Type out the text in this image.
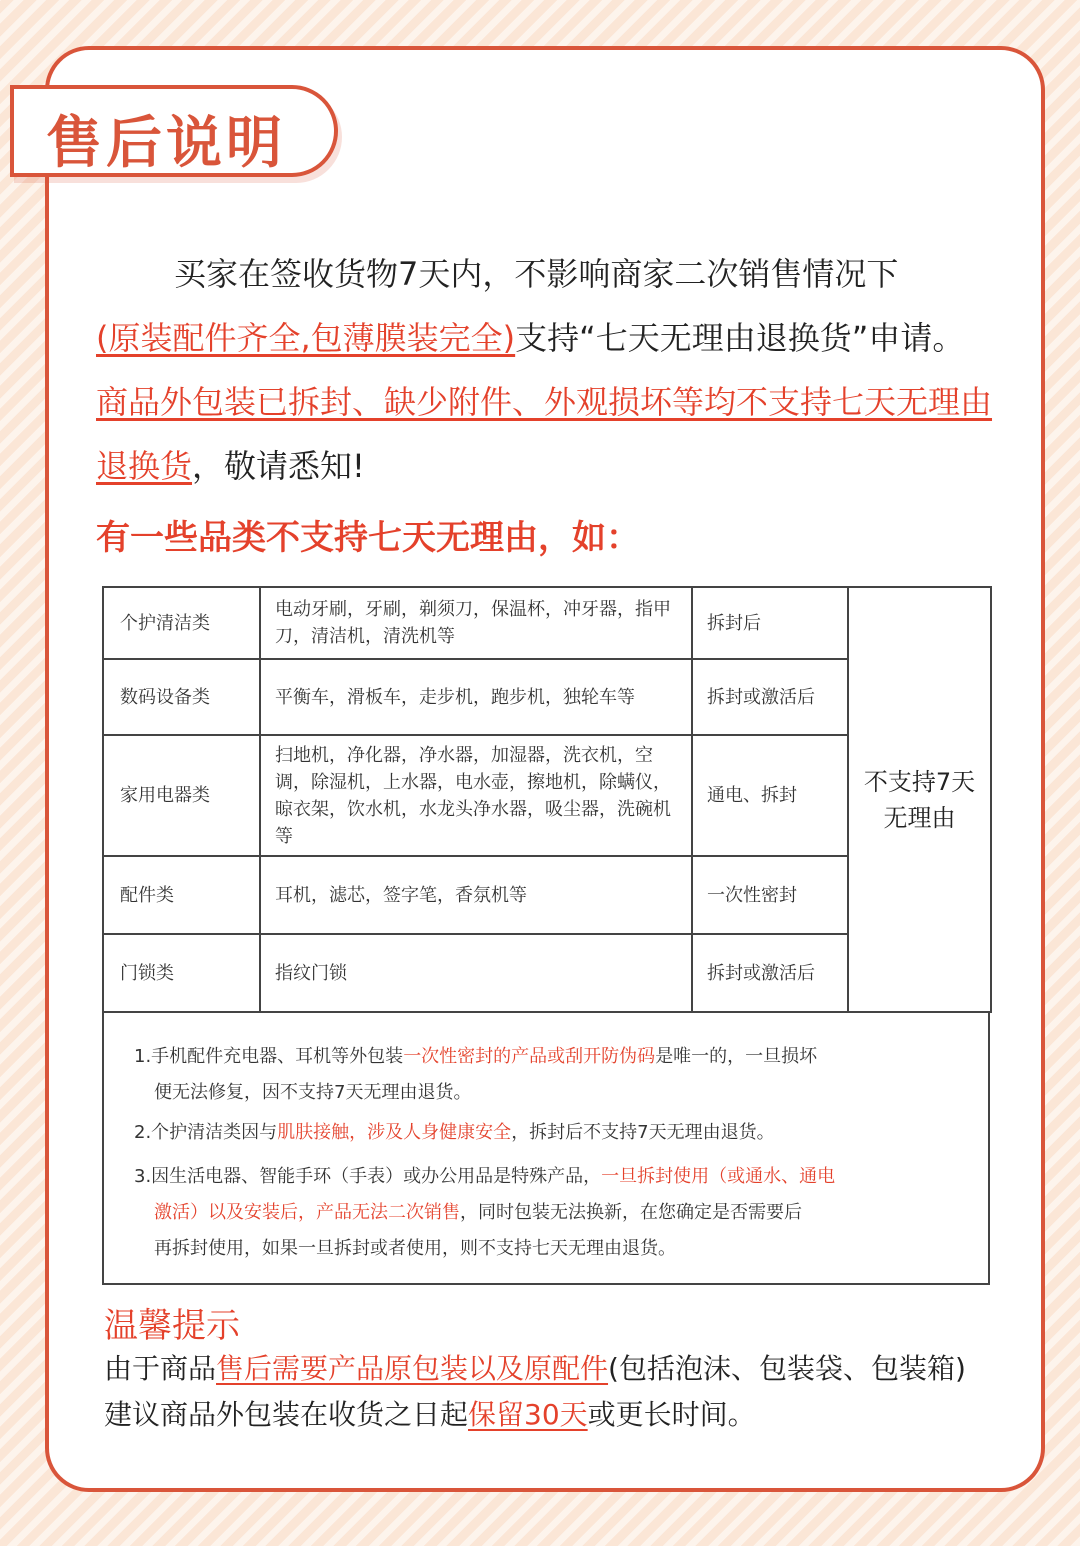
售后说明
买家在签收货物7天内，不影响商家二次销售情况下
(原装配件齐全,包薄膜装完全)支持“七天无理由退换货”申请。商品外包装已拆封、缺少附件、外观损坏等均不支持七天无理由退换货，敬请悉知!
有一些品类不支持七天无理由，如：
个护清洁类	电动牙刷，牙刷，剃须刀，保温杯，冲牙器，指甲刀，清洁机，清洗机等	拆封后	不支持7天无理由
数码设备类	平衡车，滑板车，走步机，跑步机，独轮车等	拆封或激活后	
家用电器类	扫地机，净化器，净水器，加湿器，洗衣机，空调，除湿机，上水器，电水壶，擦地机，除螨仪，晾衣架，饮水机，水龙头净水器，吸尘器，洗碗机等	通电、拆封	
配件类	耳机，滤芯，签字笔，香氛机等	一次性密封	
门锁类	指纹门锁	拆封或激活后	
1.手机配件充电器、耳机等外包装一次性密封的产品或刮开防伪码是唯一的，一旦损坏
便无法修复，因不支持7天无理由退货。
2.个护清洁类因与肌肤接触，涉及人身健康安全，拆封后不支持7天无理由退货。
3.因生活电器、智能手环（手表）或办公用品是特殊产品，一旦拆封使用（或通水、通电
激活）以及安装后，产品无法二次销售，同时包装无法换新，在您确定是否需要后
再拆封使用，如果一旦拆封或者使用，则不支持七天无理由退货。
温馨提示
由于商品售后需要产品原包装以及原配件(包括泡沫、包装袋、包装箱)建议商品外包装在收货之日起保留30天或更长时间。
